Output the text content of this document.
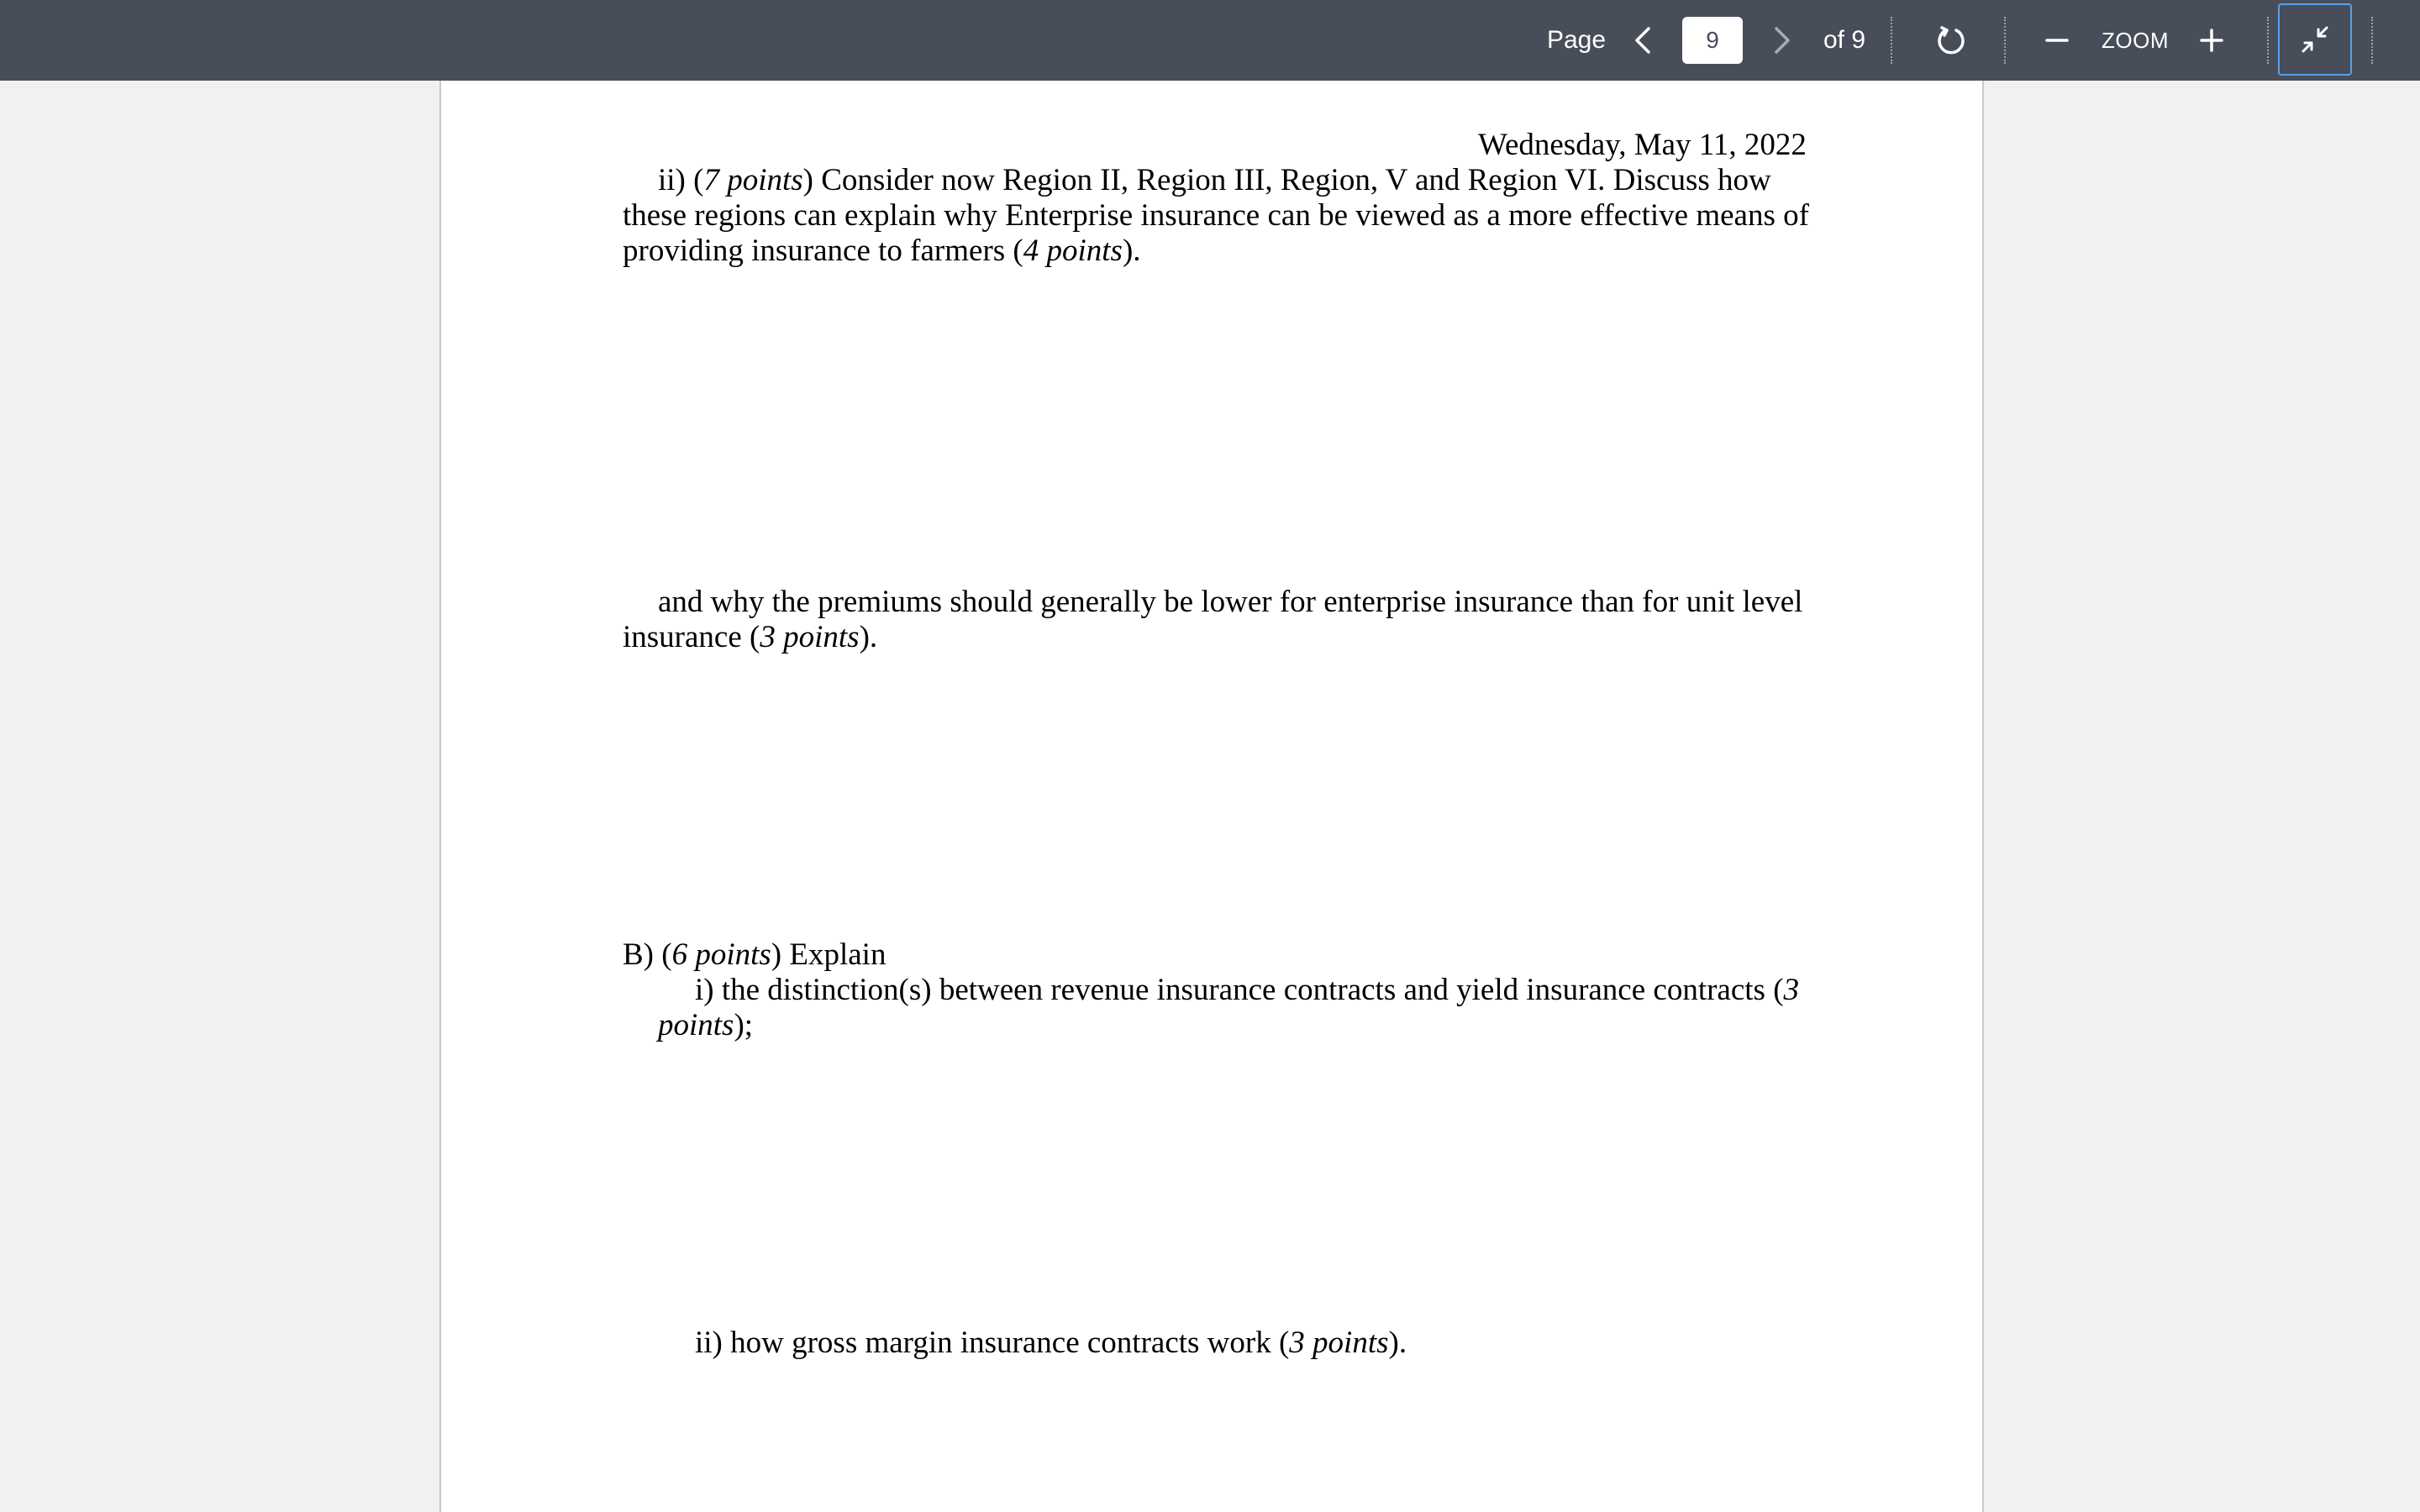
Page
9	of 9	ZOOM
Wednesday, May 11, 2022
ii) (7 points) Consider now Region II, Region III, Region, V and Region VI. Discuss how
these regions can explain why Enterprise insurance can be viewed as a more effective means of
providing insurance to farmers (4 points).
and why the premiums should generally be lower for enterprise insurance than for unit level
insurance (3 points).
B) (6 points) Explain
i) the distinction(s) between revenue insurance contracts and yield insurance contracts (3
points);
ii) how gross margin insurance contracts work (3 points).
